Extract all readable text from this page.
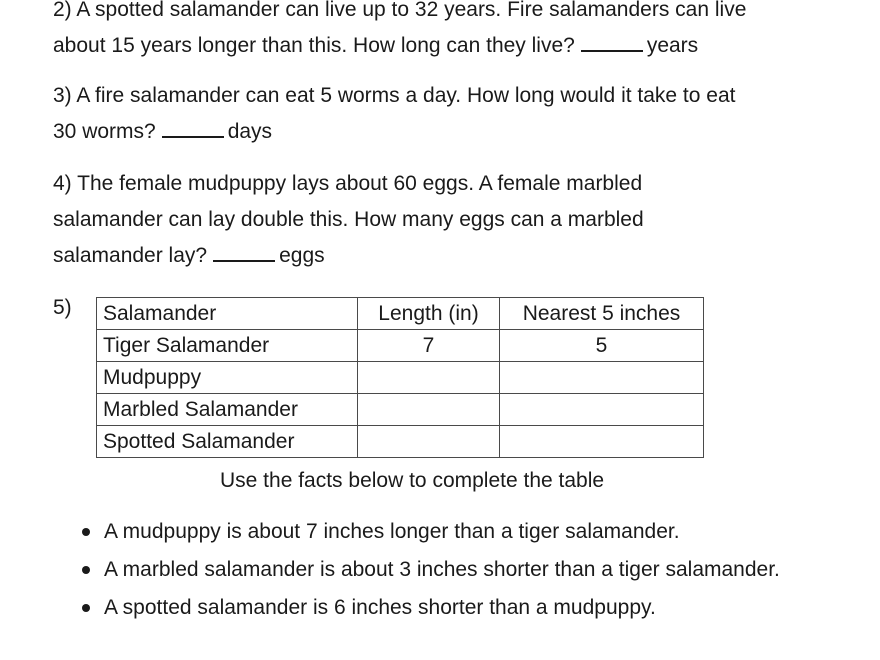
2) A spotted salamander can live up to 32 years. Fire salamanders can live
about 15 years longer than this. How long can they live?	years
3) A fire salamander can eat 5 worms a day. How long would it take to eat
30 worms?	days
4) The female mudpuppy lays about 60 eggs. A female marbled
salamander can lay double this. How many eggs can a marbled
salamander lay?	eggs
5) Salamander	Length (in)	Nearest 5 inches
Tiger Salamander	7	5
Mudpuppy		
Marbled Salamander		
Spotted Salamander		
Use the facts below to complete the table
A mudpuppy is about 7 inches longer than a tiger salamander.
A marbled salamander is about 3 inches shorter than a tiger salamander.
A spotted salamander is 6 inches shorter than a mudpuppy.
